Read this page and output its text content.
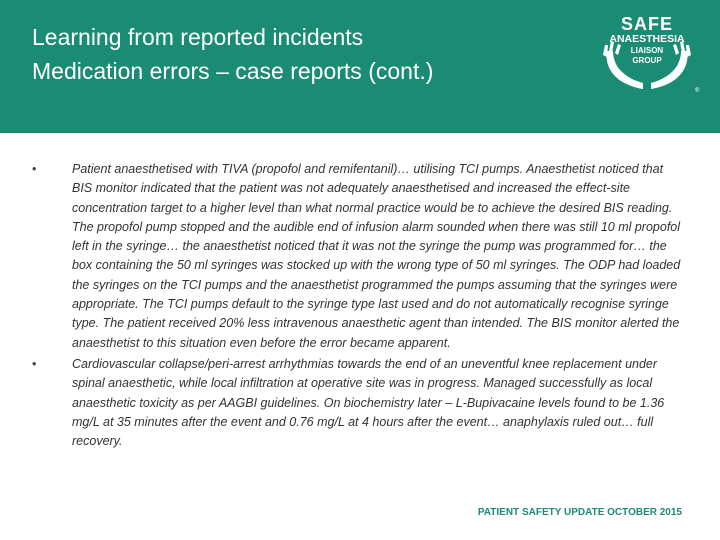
Learning from reported incidents
Medication errors – case reports (cont.)
®
SAFE
ANAESTHESIA
LIAISON
GROUP
•	Patient anaesthetised with TIVA (propofol and remifentanil)… utilising TCI pumps. Anaesthetist noticed that BIS monitor indicated that the patient was not adequately anaesthetised and increased the effect-site concentration target to a higher level than what normal practice would be to achieve the desired BIS reading. The propofol pump stopped and the audible end of infusion alarm sounded when there was still 10 ml propofol left in the syringe… the anaesthetist noticed that it was not the syringe the pump was programmed for… the box containing the 50 ml syringes was stocked up with the wrong type of 50 ml syringes. The ODP had loaded the syringes on the TCI pumps and the anaesthetist programmed the pumps assuming that the syringes were appropriate. The TCI pumps default to the syringe type last used and do not automatically recognise syringe type. The patient received 20% less intravenous anaesthetic agent than intended. The BIS monitor alerted the anaesthetist to this situation even before the error became apparent.

•	Cardiovascular collapse/peri-arrest arrhythmias towards the end of an uneventful knee replacement under spinal anaesthetic, while local infiltration at operative site was in progress. Managed successfully as local anaesthetic toxicity as per AAGBI guidelines. On biochemistry later – L-Bupivacaine levels found to be 1.36 mg/L at 35 minutes after the event and 0.76 mg/L at 4 hours after the event… anaphylaxis ruled out… full recovery.

PATIENT SAFETY UPDATE OCTOBER 2015
